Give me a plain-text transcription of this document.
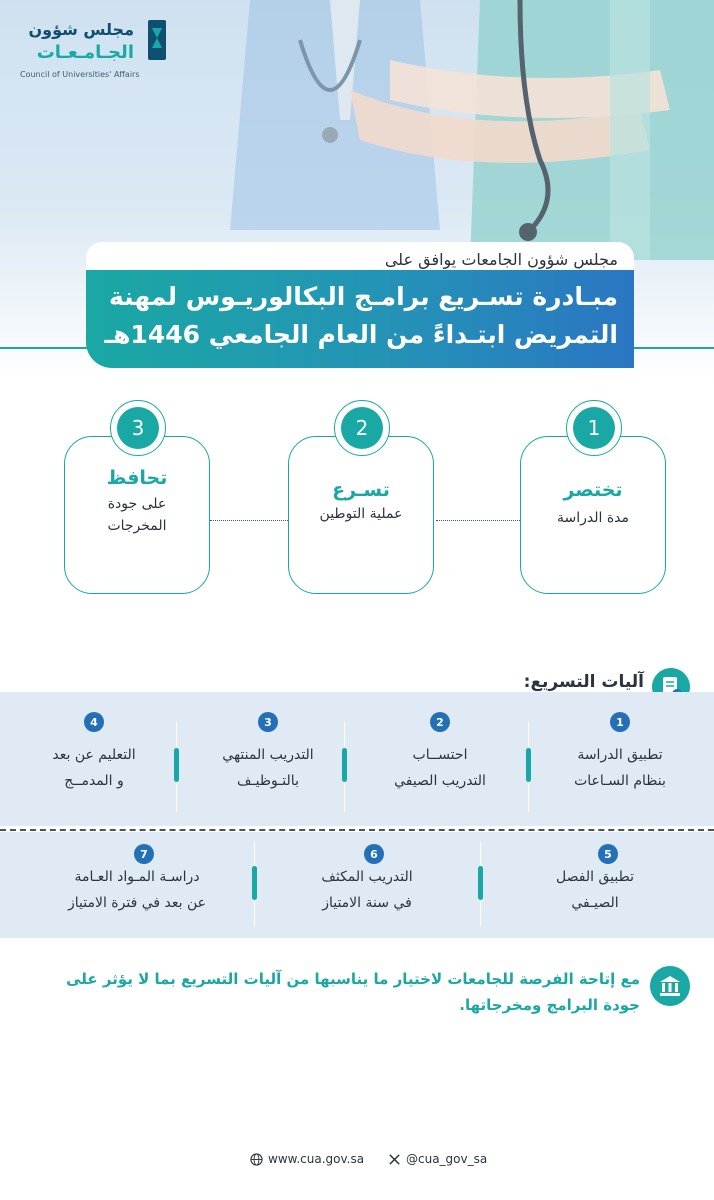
مجلس شؤون
الجـامـعـات
Council of Universities' Affairs
مجلس شؤون الجامعات يوافق على
مبـادرة تسـريع برامـج البكالوريـوس لمهنة
التمريض ابتـداءً من العام الجامعي 1446هـ
تختصر
مدة الدراسة
1
تسـرع
عملية التوطين
2
تحافظ
على جودة
المخرجات
3
آليات التسريع:
1
تطبيق الدراسة
بنظام السـاعات
2
احتســاب
التدريب الصيفي
3
التدريب المنتهي
بالتـوظيـف
4
التعليم عن بعد
و المدمــج
5
تطبيق الفصل
الصيـفي
6
التدريب المكثف
في سنة الامتياز
7
دراسـة المـواد العـامة
عن بعد في فترة الامتياز
مع إتاحة الفرصة للجامعات لاختيار ما يناسبها من آليات التسريع بما لا يؤثر على جودة البرامج ومخرجاتها.
www.cua.gov.sa	@cua_gov_sa
